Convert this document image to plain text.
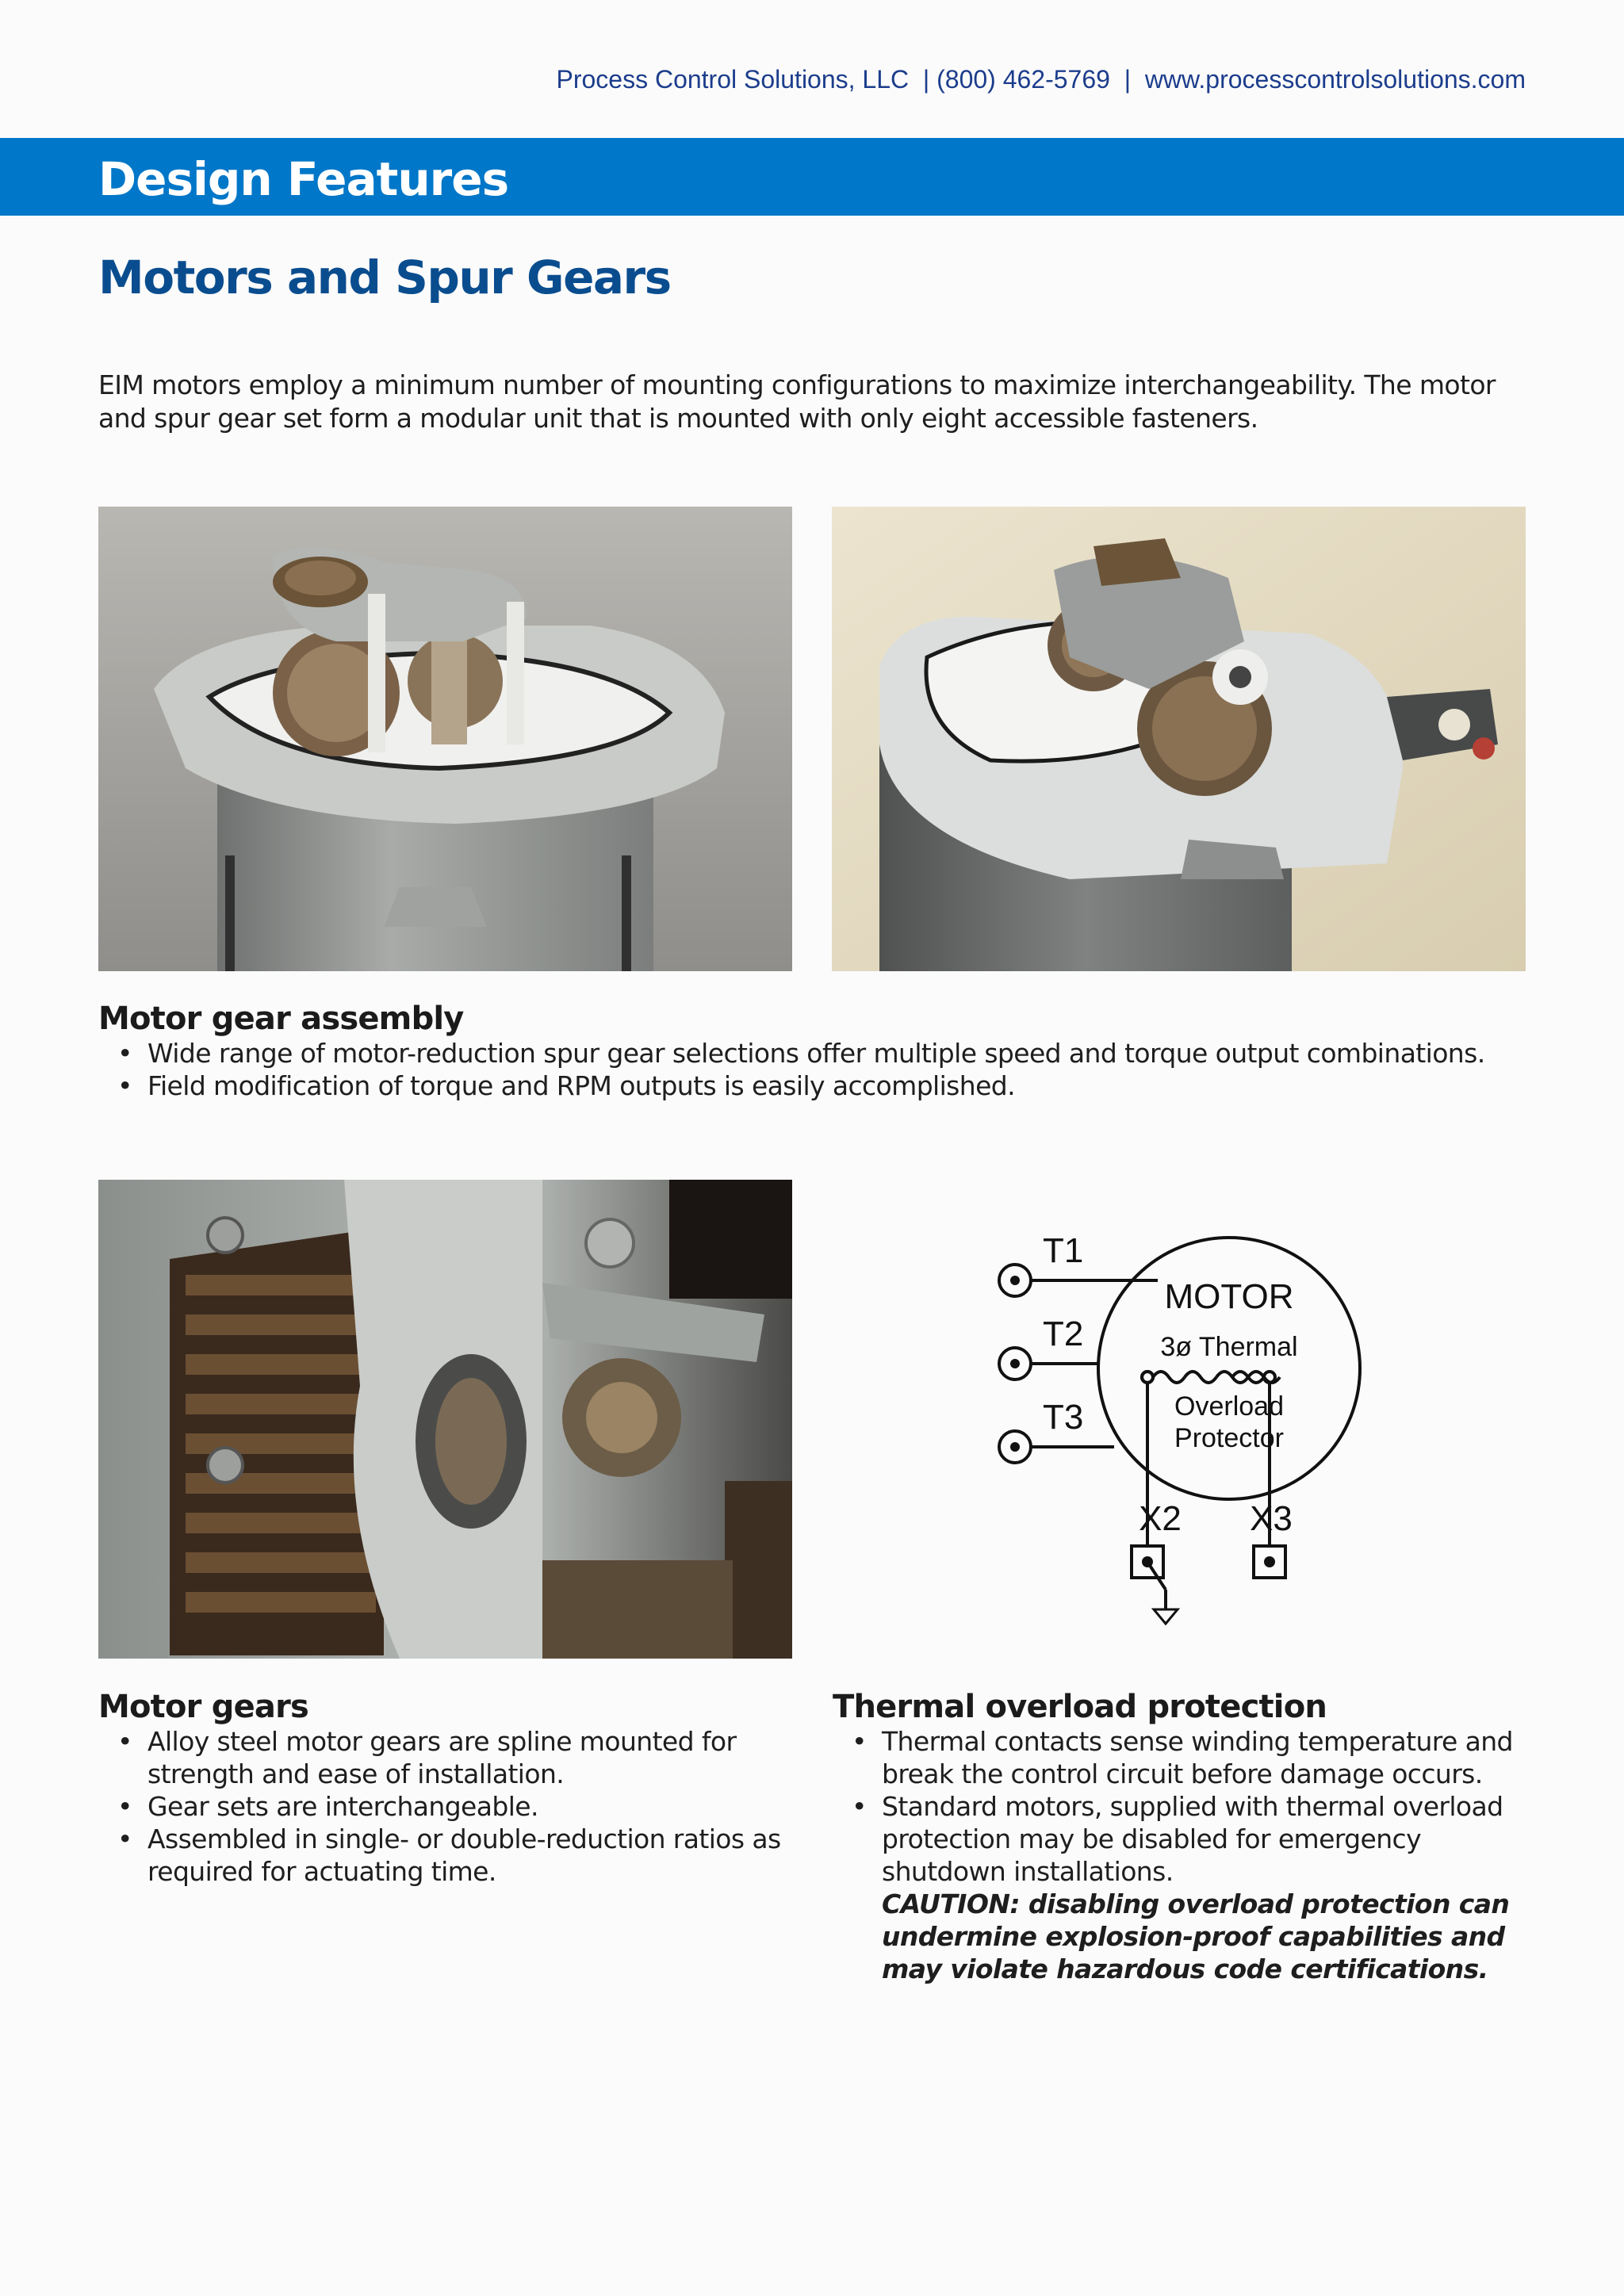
Process Control Solutions, LLC  | (800) 462-5769  |  www.processcontrolsolutions.com
Design Features
Motors and Spur Gears

EIM motors employ a minimum number of mounting configurations to maximize interchangeability. The motor and spur gear set form a modular unit that is mounted with only eight accessible fasteners.

Motor gear assembly
• Wide range of motor-reduction spur gear selections offer multiple speed and torque output combinations.
• Field modification of torque and RPM outputs is easily accomplished.
T1
T2
T3
MOTOR
3ø Thermal
Overload
Protector
X2 X3
Motor gears
• Alloy steel motor gears are spline mounted for strength and ease of installation.
• Gear sets are interchangeable.
• Assembled in single- or double-reduction ratios as required for actuating time.
Thermal overload protection
• Thermal contacts sense winding temperature and break the control circuit before damage occurs.
• Standard motors, supplied with thermal overload protection may be disabled for emergency shutdown installations.
CAUTION: disabling overload protection can undermine explosion-proof capabilities and may violate hazardous code certifications.
